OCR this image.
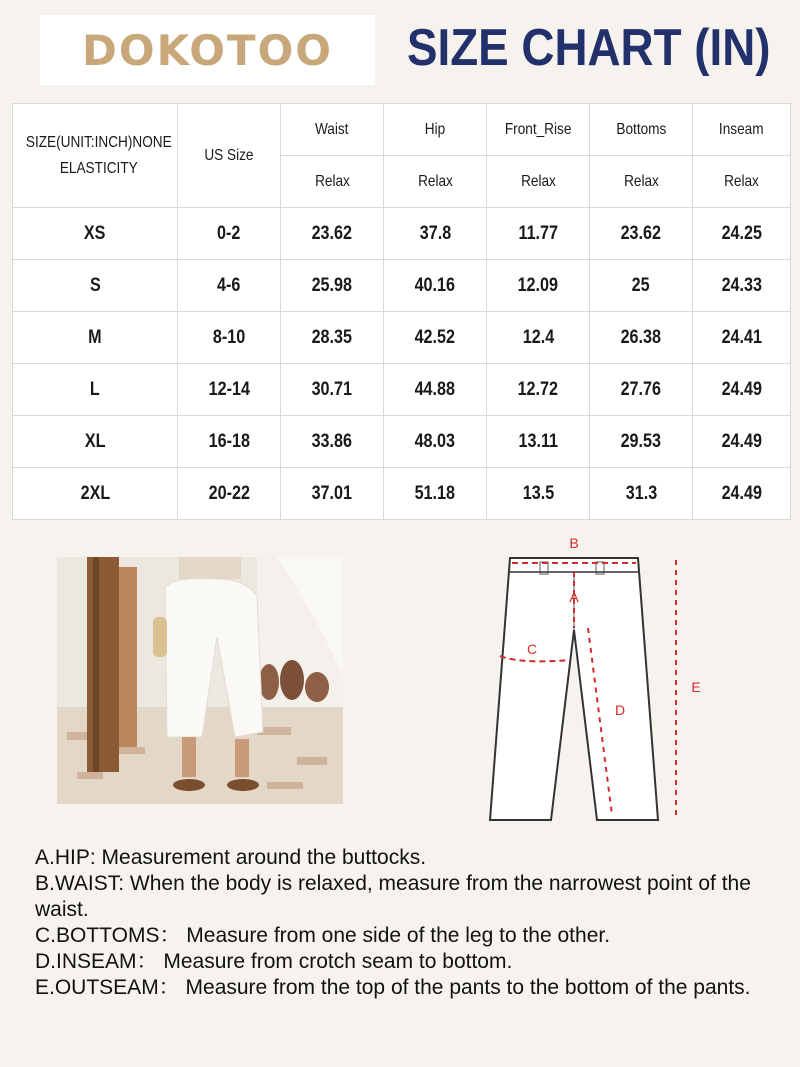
DOKOTOO SIZE CHART (IN)
SIZE(UNIT:INCH)NONE ELASTICITY	US Size	Waist	Hip	Front_Rise	Bottoms	Inseam
		Relax	Relax	Relax	Relax	Relax
XS	0-2	23.62	37.8	11.77	23.62	24.25
S	4-6	25.98	40.16	12.09	25	24.33
M	8-10	28.35	42.52	12.4	26.38	24.41
L	12-14	30.71	44.88	12.72	27.76	24.49
XL	16-18	33.86	48.03	13.11	29.53	24.49
2XL	20-22	37.01	51.18	13.5	31.3	24.49
B
A
C
D
E
A.HIP: Measurement around the buttocks.
B.WAIST: When the body is relaxed, measure from the narrowest point of the waist.
C.BOTTOMS： Measure from one side of the leg to the other.
D.INSEAM： Measure from crotch seam to bottom.
E.OUTSEAM： Measure from the top of the pants to the bottom of the pants.
